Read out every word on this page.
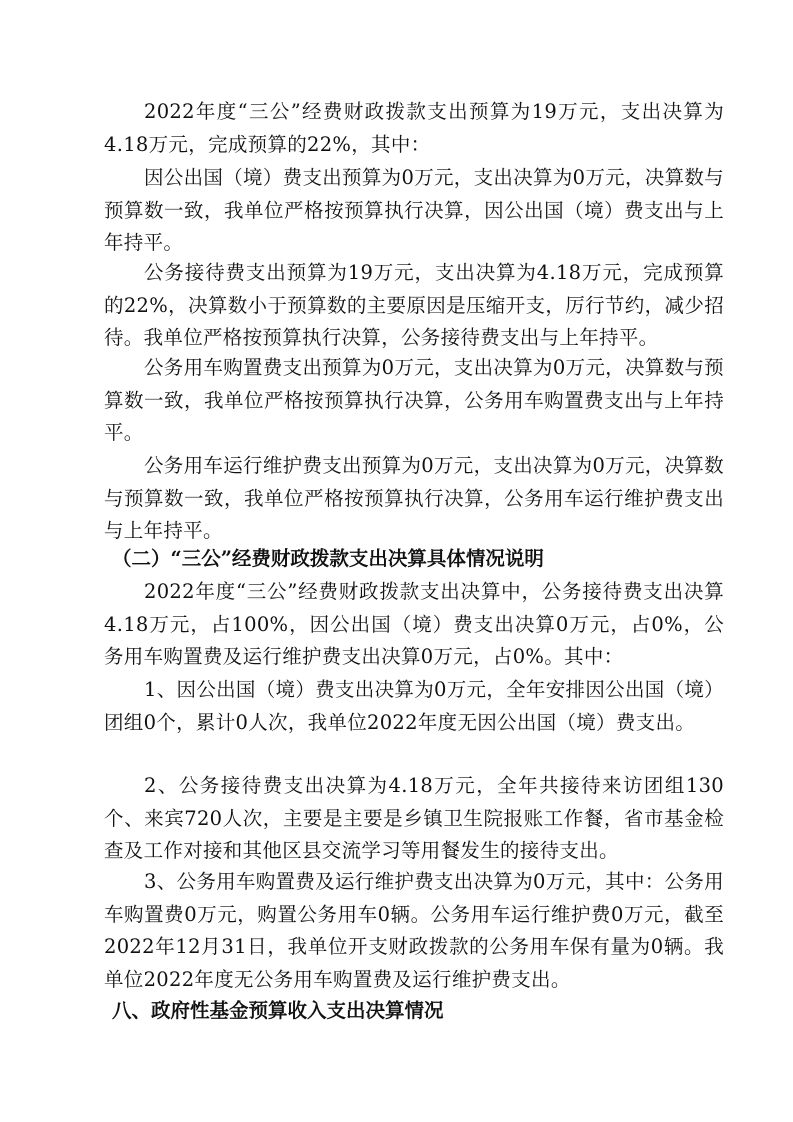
2022年度“三公”经费财政拨款支出预算为19万元，支出决算为4.18万元，完成预算的22%，其中：

因公出国（境）费支出预算为0万元，支出决算为0万元，决算数与预算数一致，我单位严格按预算执行决算，因公出国（境）费支出与上年持平。

公务接待费支出预算为19万元，支出决算为4.18万元，完成预算的22%，决算数小于预算数的主要原因是压缩开支，厉行节约，减少招待。我单位严格按预算执行决算，公务接待费支出与上年持平。

公务用车购置费支出预算为0万元，支出决算为0万元，决算数与预算数一致，我单位严格按预算执行决算，公务用车购置费支出与上年持平。

公务用车运行维护费支出预算为0万元，支出决算为0万元，决算数与预算数一致，我单位严格按预算执行决算，公务用车运行维护费支出与上年持平。

（二）“三公”经费财政拨款支出决算具体情况说明

2022年度“三公”经费财政拨款支出决算中，公务接待费支出决算4.18万元，占100%，因公出国（境）费支出决算0万元，占0%，公务用车购置费及运行维护费支出决算0万元，占0%。其中：

1、因公出国（境）费支出决算为0万元，全年安排因公出国（境）团组0个，累计0人次，我单位2022年度无因公出国（境）费支出。

2、公务接待费支出决算为4.18万元，全年共接待来访团组130个、来宾720人次，主要是主要是乡镇卫生院报账工作餐，省市基金检查及工作对接和其他区县交流学习等用餐发生的接待支出。

3、公务用车购置费及运行维护费支出决算为0万元，其中：公务用车购置费0万元，购置公务用车0辆。公务用车运行维护费0万元，截至2022年12月31日，我单位开支财政拨款的公务用车保有量为0辆。我单位2022年度无公务用车购置费及运行维护费支出。

八、政府性基金预算收入支出决算情况
